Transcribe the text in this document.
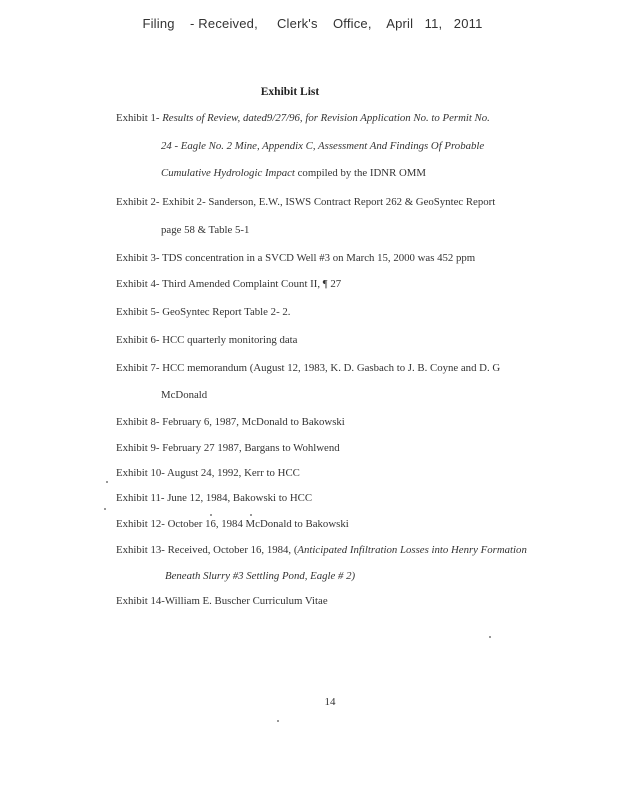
Filing    - Received,     Clerk's    Office,    April   11,   2011
Exhibit List
Exhibit 1- Results of Review, dated9/27/96, for Revision Application No. to Permit No.
24 - Eagle No. 2 Mine, Appendix C, Assessment And Findings Of Probable
Cumulative Hydrologic Impact compiled by the IDNR OMM
Exhibit 2- Exhibit 2- Sanderson, E.W., ISWS Contract Report 262 & GeoSyntec Report
page 58 & Table 5-1
Exhibit 3- TDS concentration in a SVCD Well #3 on March 15, 2000 was 452 ppm
Exhibit 4- Third Amended Complaint Count II, ¶ 27
Exhibit 5- GeoSyntec Report Table 2- 2.
Exhibit 6- HCC quarterly monitoring data
Exhibit 7- HCC memorandum (August 12, 1983, K. D. Gasbach to J. B. Coyne and D. G
McDonald
Exhibit 8- February 6, 1987, McDonald to Bakowski
Exhibit 9- February 27 1987, Bargans to Wohlwend
Exhibit 10- August 24, 1992, Kerr to HCC
Exhibit 11- June 12, 1984, Bakowski to HCC
Exhibit 12- October 16, 1984 McDonald to Bakowski
Exhibit 13- Received, October 16, 1984, (Anticipated Infiltration Losses into Henry Formation
Beneath Slurry #3 Settling Pond, Eagle # 2)
Exhibit 14-William E. Buscher Curriculum Vitae
14
